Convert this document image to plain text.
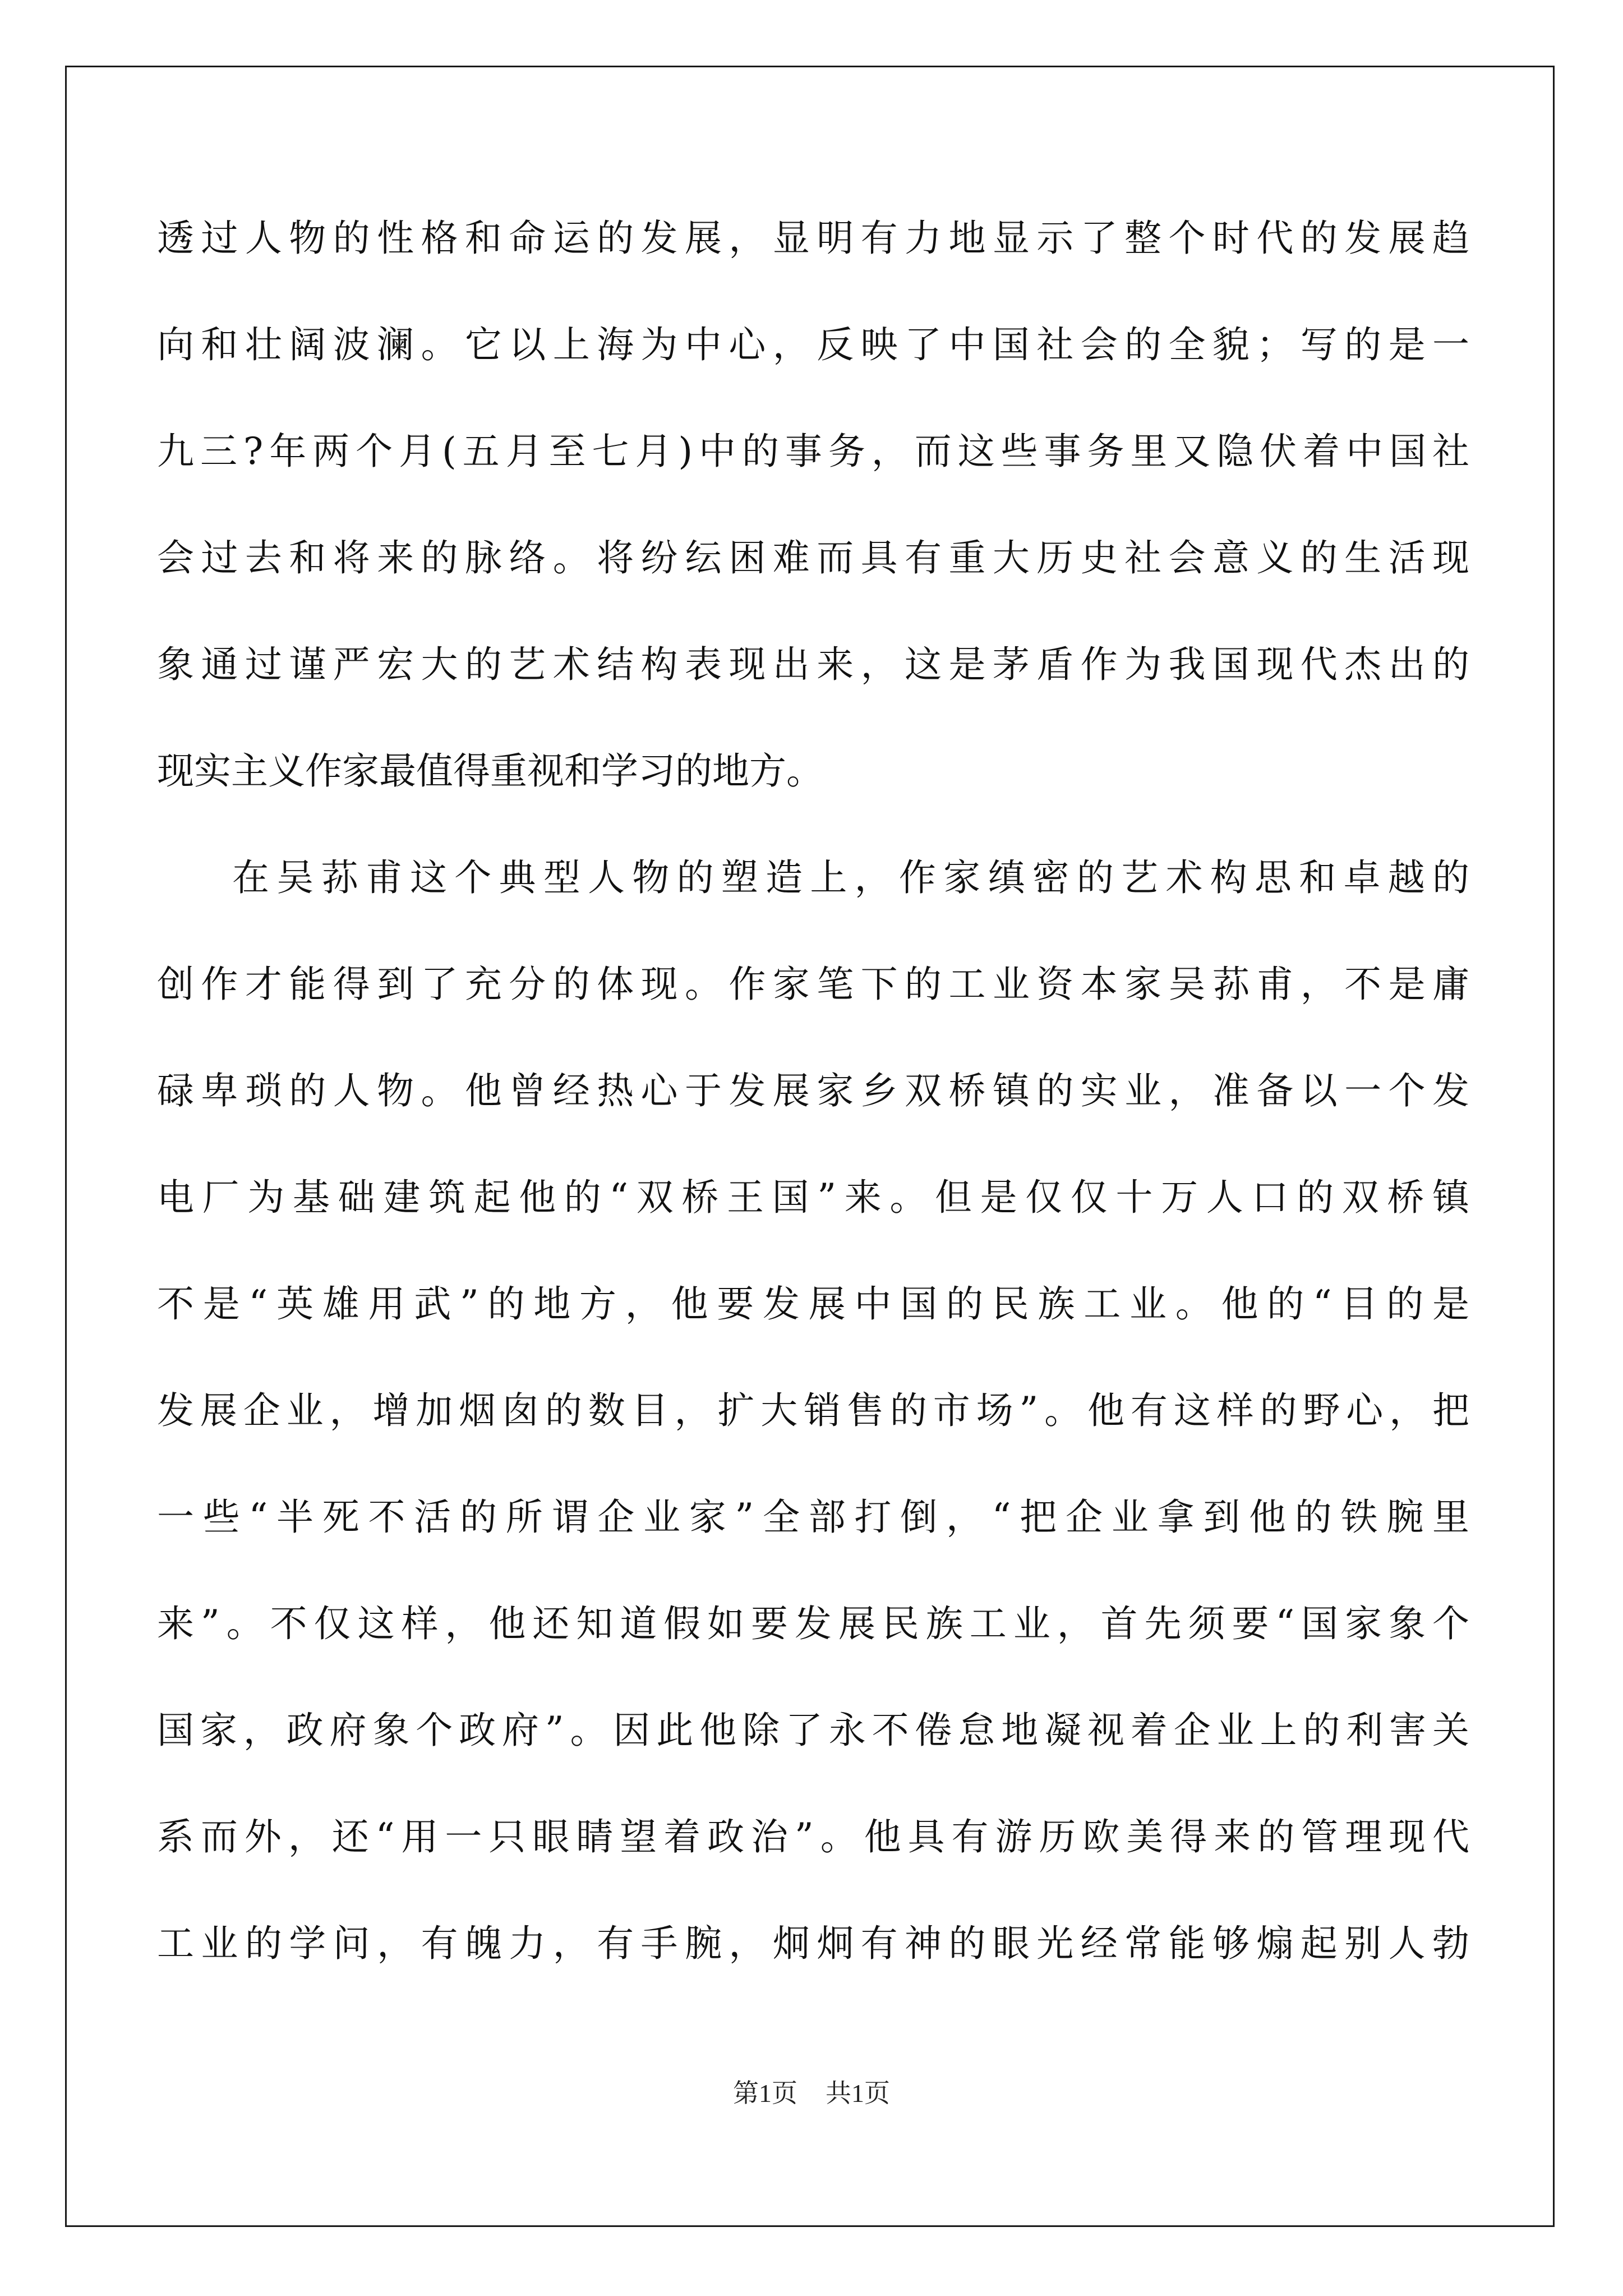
透过人物的性格和命运的发展，显明有力地显示了整个时代的发展趋
向和壮阔波澜。它以上海为中心，反映了中国社会的全貌；写的是一
九三?年两个月(五月至七月)中的事务，而这些事务里又隐伏着中国社
会过去和将来的脉络。将纷纭困难而具有重大历史社会意义的生活现
象通过谨严宏大的艺术结构表现出来，这是茅盾作为我国现代杰出的
现实主义作家最值得重视和学习的地方。
在吴荪甫这个典型人物的塑造上，作家缜密的艺术构思和卓越的
创作才能得到了充分的体现。作家笔下的工业资本家吴荪甫，不是庸
碌卑琐的人物。他曾经热心于发展家乡双桥镇的实业，准备以一个发
电厂为基础建筑起他的“双桥王国”来。但是仅仅十万人口的双桥镇
不是“英雄用武”的地方，他要发展中国的民族工业。他的“目的是
发展企业，增加烟囱的数目，扩大销售的市场”。他有这样的野心，把
一些“半死不活的所谓企业家”全部打倒，“把企业拿到他的铁腕里
来”。不仅这样，他还知道假如要发展民族工业，首先须要“国家象个
国家，政府象个政府”。因此他除了永不倦怠地凝视着企业上的利害关
系而外，还“用一只眼睛望着政治”。他具有游历欧美得来的管理现代
工业的学问，有魄力，有手腕，炯炯有神的眼光经常能够煽起别人勃
第1页 共1页
